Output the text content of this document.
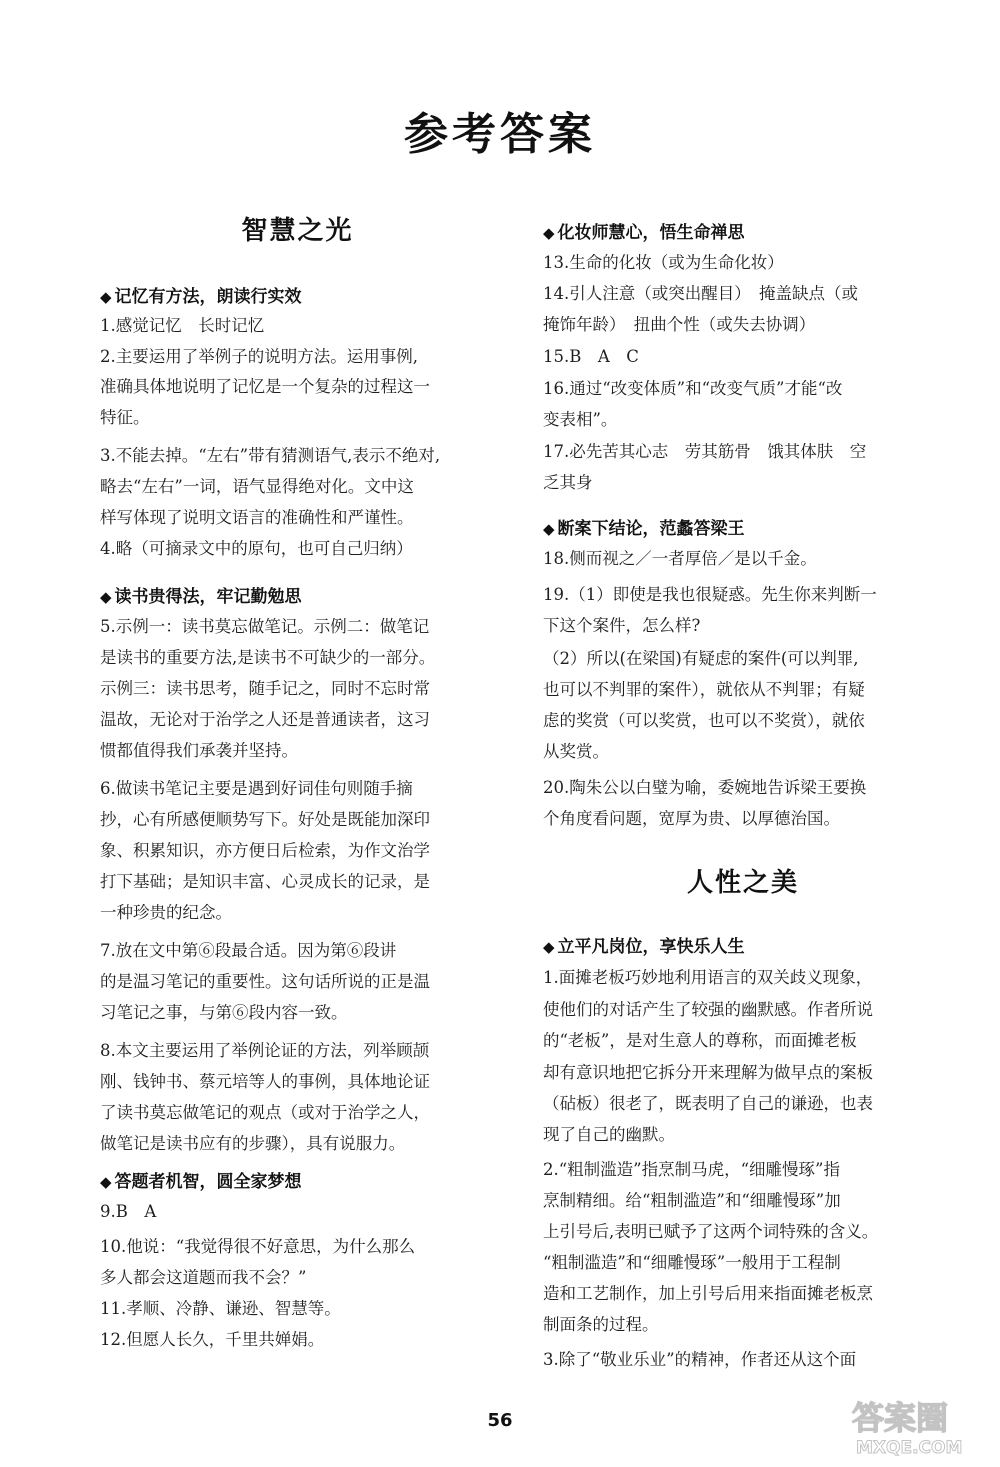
参考答案
智慧之光
◆ 记忆有方法，朗读行实效
1.感觉记忆　长时记忆
2.主要运用了举例子的说明方法。运用事例,
准确具体地说明了记忆是一个复杂的过程这一
特征。
3.不能去掉。“左右”带有猜测语气,表示不绝对,
略去“左右”一词，语气显得绝对化。文中这
样写体现了说明文语言的准确性和严谨性。
4.略（可摘录文中的原句，也可自己归纳）
◆ 读书贵得法，牢记勤勉思
5.示例一：读书莫忘做笔记。示例二：做笔记
是读书的重要方法,是读书不可缺少的一部分。
示例三：读书思考，随手记之，同时不忘时常
温故，无论对于治学之人还是普通读者，这习
惯都值得我们承袭并坚持。
6.做读书笔记主要是遇到好词佳句则随手摘
抄，心有所感便顺势写下。好处是既能加深印
象、积累知识，亦方便日后检索，为作文治学
打下基础；是知识丰富、心灵成长的记录，是
一种珍贵的纪念。
7.放在文中第⑥段最合适。因为第⑥段讲
的是温习笔记的重要性。这句话所说的正是温
习笔记之事，与第⑥段内容一致。
8.本文主要运用了举例论证的方法，列举顾颉
刚、钱钟书、蔡元培等人的事例，具体地论证
了读书莫忘做笔记的观点（或对于治学之人，
做笔记是读书应有的步骤），具有说服力。
◆ 答题者机智，圆全家梦想
9.B　A
10.他说：“我觉得很不好意思，为什么那么
多人都会这道题而我不会？”
11.孝顺、冷静、谦逊、智慧等。
12.但愿人长久，千里共婵娟。
◆ 化妆师慧心，悟生命禅思
13.生命的化妆（或为生命化妆）
14.引人注意（或突出醒目）　掩盖缺点（或
掩饰年龄）　扭曲个性（或失去协调）
15.B　A　C
16.通过“改变体质”和“改变气质”才能“改
变表相”。
17.必先苦其心志　劳其筋骨　饿其体肤　空
乏其身
◆ 断案下结论，范蠡答梁王
18.侧而视之／一者厚倍／是以千金。
19.（1）即使是我也很疑惑。先生你来判断一
下这个案件，怎么样?
（2）所以(在梁国)有疑虑的案件(可以判罪,
也可以不判罪的案件），就依从不判罪；有疑
虑的奖赏（可以奖赏，也可以不奖赏），就依
从奖赏。
20.陶朱公以白璧为喻，委婉地告诉梁王要换
个角度看问题，宽厚为贵、以厚德治国。
人性之美
◆ 立平凡岗位，享快乐人生
1.面摊老板巧妙地利用语言的双关歧义现象，
使他们的对话产生了较强的幽默感。作者所说
的“老板”，是对生意人的尊称，而面摊老板
却有意识地把它拆分开来理解为做早点的案板
（砧板）很老了，既表明了自己的谦逊，也表
现了自己的幽默。
2.“粗制滥造”指烹制马虎，“细雕慢琢”指
烹制精细。给“粗制滥造”和“细雕慢琢”加
上引号后,表明已赋予了这两个词特殊的含义。
“粗制滥造”和“细雕慢琢”一般用于工程制
造和工艺制作，加上引号后用来指面摊老板烹
制面条的过程。
3.除了“敬业乐业”的精神，作者还从这个面
56	答案圈
MXQE.COM
